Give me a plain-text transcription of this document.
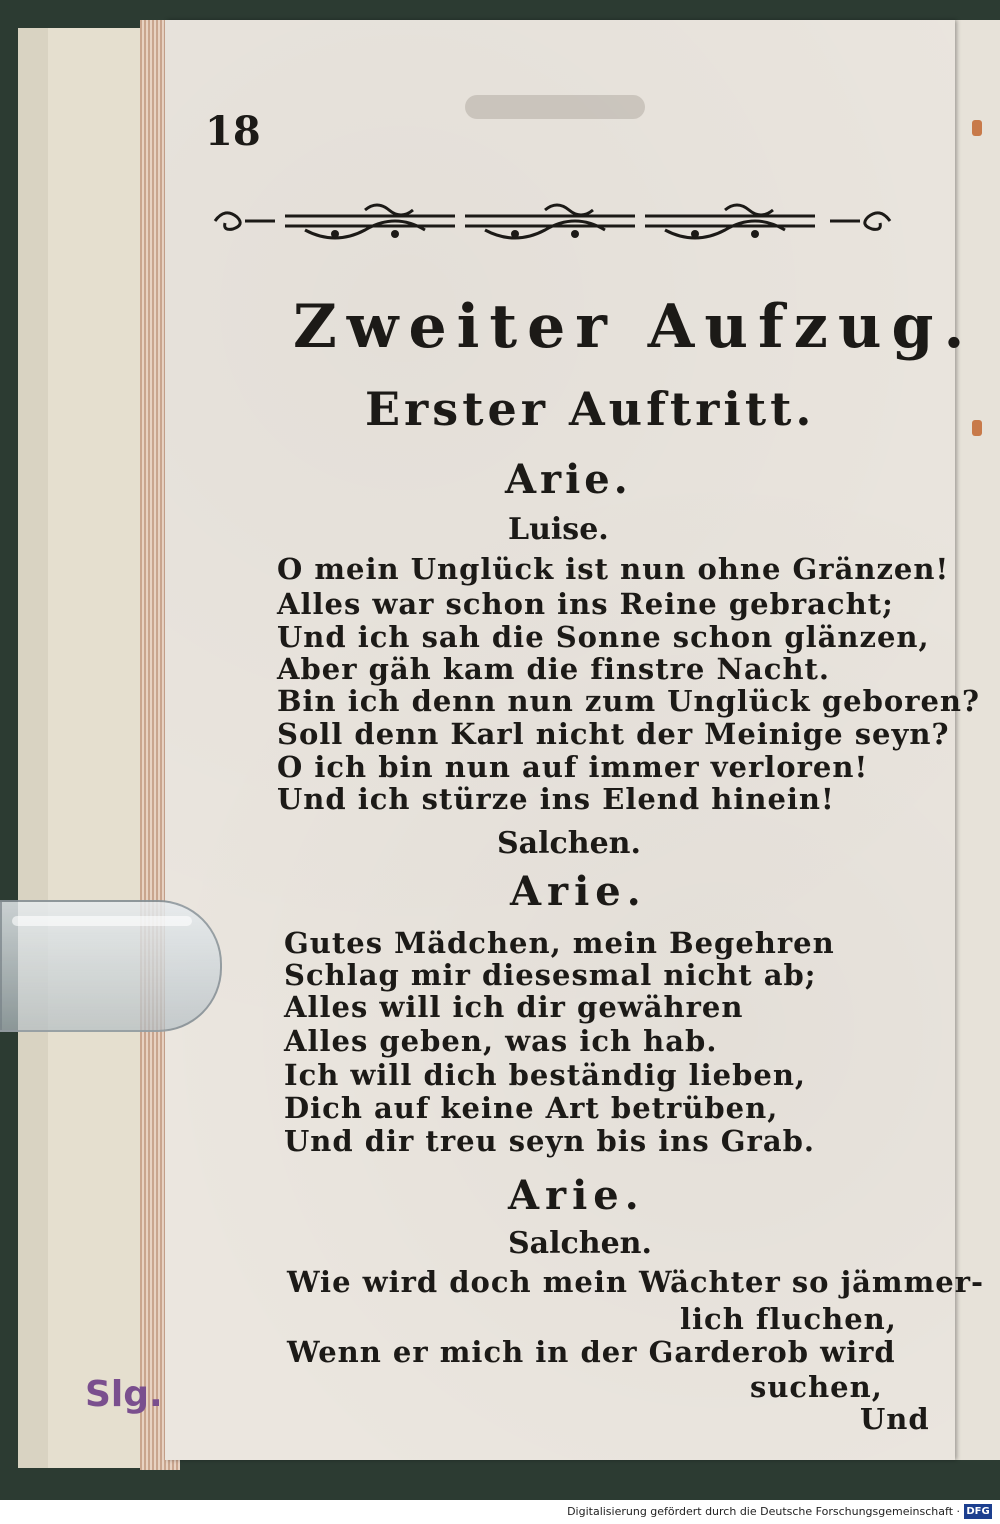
18
Zweiter Aufzug.
Erster Auftritt.
Arie.
Luise.
O mein Unglück ist nun ohne Gränzen!
Alles war schon ins Reine gebracht;
Und ich sah die Sonne schon glänzen,
Aber gäh kam die finstre Nacht.
Bin ich denn nun zum Unglück geboren?
Soll denn Karl nicht der Meinige seyn?
O ich bin nun auf immer verloren!
Und ich stürze ins Elend hinein!
Salchen.
Arie.
Gutes Mädchen, mein Begehren
Schlag mir diesesmal nicht ab;
Alles will ich dir gewähren
Alles geben, was ich hab.
Ich will dich beständig lieben,
Dich auf keine Art betrüben,
Und dir treu seyn bis ins Grab.
Arie.
Salchen.
Wie wird doch mein Wächter so jämmer-
lich fluchen,
Wenn er mich in der Garderob wird
suchen,
Und
Slg.
Digitalisierung gefördert durch die Deutsche Forschungsgemeinschaft · DFG
